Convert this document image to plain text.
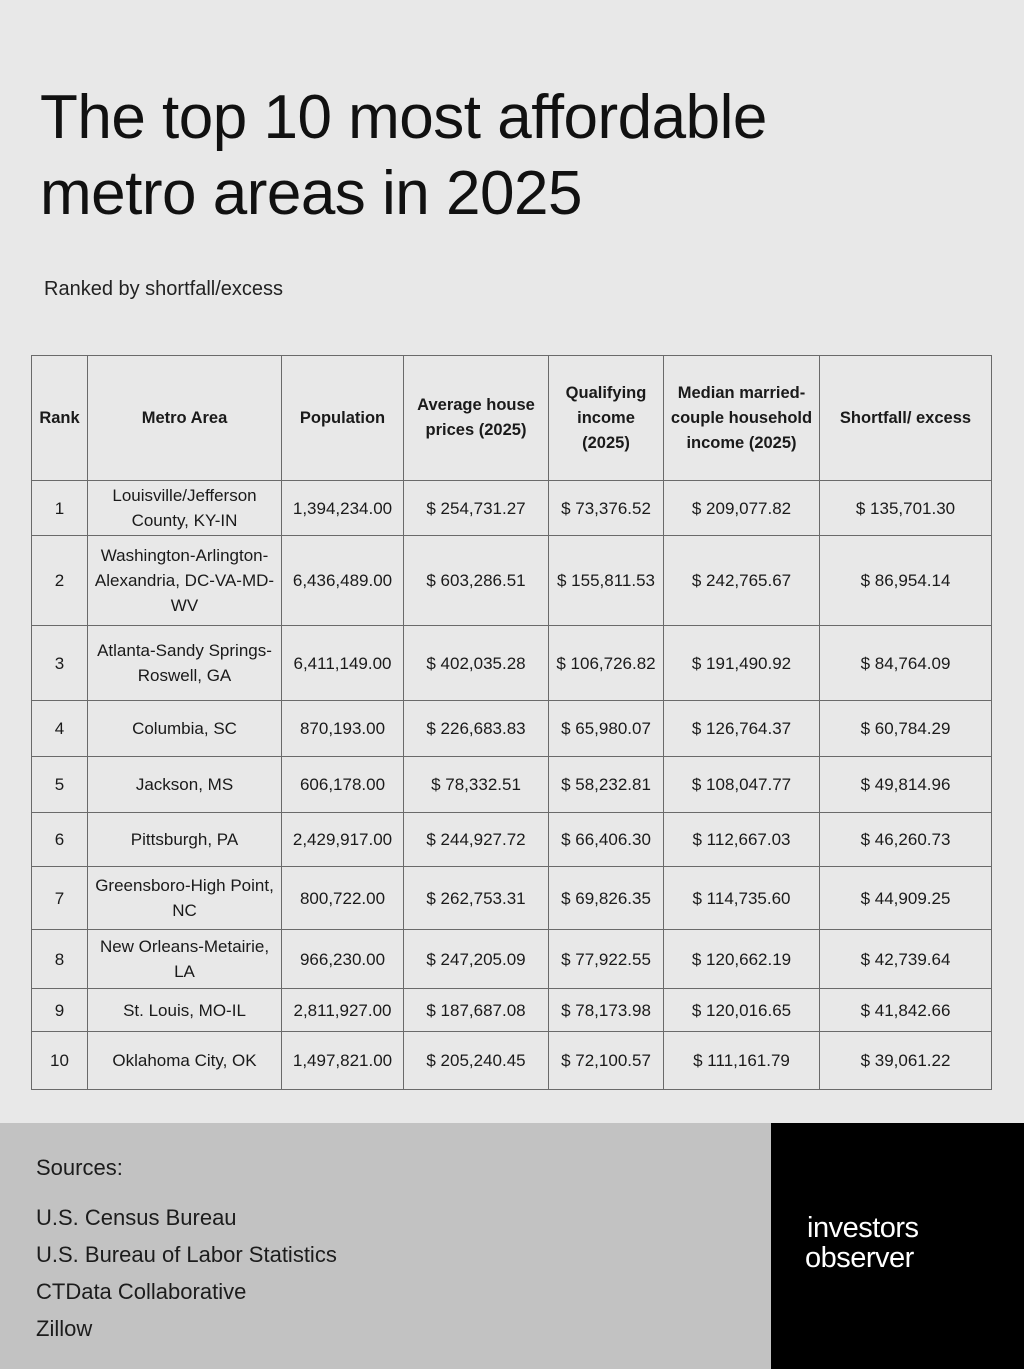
The top 10 most affordable
metro areas in 2025
Ranked by shortfall/excess
Rank	Metro Area	Population	Average house prices (2025)	Qualifying income (2025)	Median married-couple household income (2025)	Shortfall/ excess
1	Louisville/Jefferson County, KY-IN	1,394,234.00	$ 254,731.27	$ 73,376.52	$ 209,077.82	$ 135,701.30
2	Washington-Arlington-Alexandria, DC-VA-MD-WV	6,436,489.00	$ 603,286.51	$ 155,811.53	$ 242,765.67	$ 86,954.14
3	Atlanta-Sandy Springs-Roswell, GA	6,411,149.00	$ 402,035.28	$ 106,726.82	$ 191,490.92	$ 84,764.09
4	Columbia, SC	870,193.00	$ 226,683.83	$ 65,980.07	$ 126,764.37	$ 60,784.29
5	Jackson, MS	606,178.00	$ 78,332.51	$ 58,232.81	$ 108,047.77	$ 49,814.96
6	Pittsburgh, PA	2,429,917.00	$ 244,927.72	$ 66,406.30	$ 112,667.03	$ 46,260.73
7	Greensboro-High Point, NC	800,722.00	$ 262,753.31	$ 69,826.35	$ 114,735.60	$ 44,909.25
8	New Orleans-Metairie, LA	966,230.00	$ 247,205.09	$ 77,922.55	$ 120,662.19	$ 42,739.64
9	St. Louis, MO-IL	2,811,927.00	$ 187,687.08	$ 78,173.98	$ 120,016.65	$ 41,842.66
10	Oklahoma City, OK	1,497,821.00	$ 205,240.45	$ 72,100.57	$ 111,161.79	$ 39,061.22
Sources:
U.S. Census Bureau
U.S. Bureau of Labor Statistics
CTData Collaborative
Zillow
investors
observer
